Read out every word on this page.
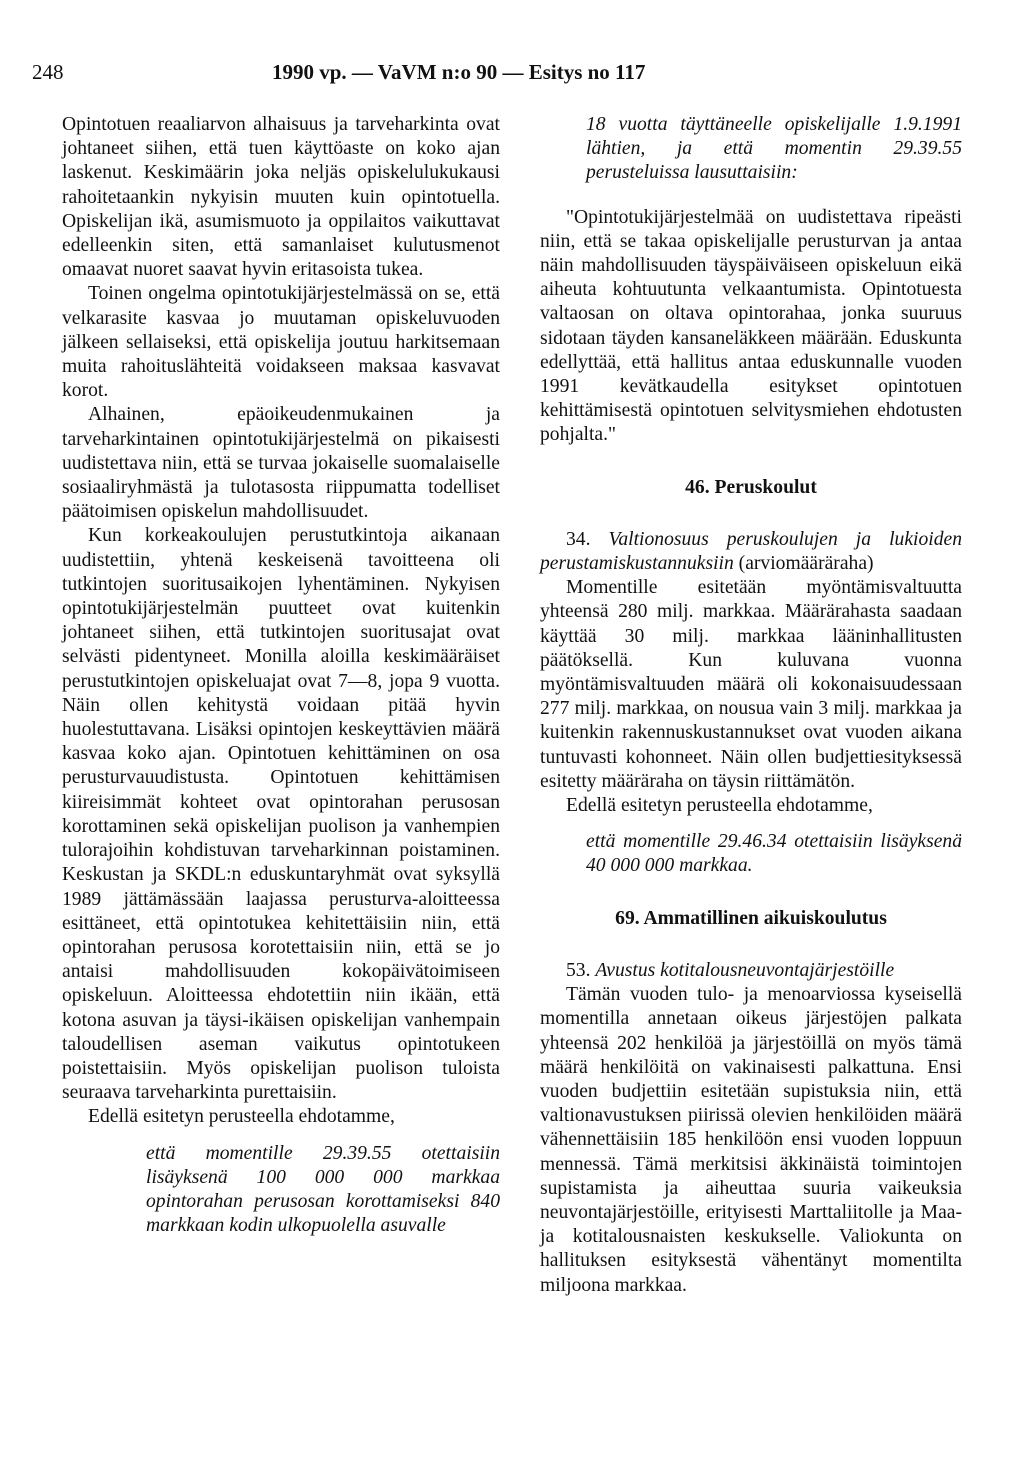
248	1990 vp. — VaVM n:o 90 — Esitys no 117

Opintotuen reaaliarvon alhaisuus ja tarveharkinta ovat johtaneet siihen, että tuen käyttöaste on koko ajan laskenut. Keskimäärin joka neljäs opiskelulukukausi rahoitetaankin nykyisin muuten kuin opintotuella. Opiskelijan ikä, asumismuoto ja oppilaitos vaikuttavat edelleenkin siten, että samanlaiset kulutusmenot omaavat nuoret saavat hyvin eritasoista tukea.

Toinen ongelma opintotukijärjestelmässä on se, että velkarasite kasvaa jo muutaman opiskeluvuoden jälkeen sellaiseksi, että opiskelija joutuu harkitsemaan muita rahoituslähteitä voidakseen maksaa kasvavat korot.

Alhainen, epäoikeudenmukainen ja tarveharkintainen opintotukijärjestelmä on pikaisesti uudistettava niin, että se turvaa jokaiselle suomalaiselle sosiaaliryhmästä ja tulotasosta riippumatta todelliset päätoimisen opiskelun mahdollisuudet.

Kun korkeakoulujen perustutkintoja aikanaan uudistettiin, yhtenä keskeisenä tavoitteena oli tutkintojen suoritusaikojen lyhentäminen. Nykyisen opintotukijärjestelmän puutteet ovat kuitenkin johtaneet siihen, että tutkintojen suoritusajat ovat selvästi pidentyneet. Monilla aloilla keskimääräiset perustutkintojen opiskeluajat ovat 7—8, jopa 9 vuotta. Näin ollen kehitystä voidaan pitää hyvin huolestuttavana. Lisäksi opintojen keskeyttävien määrä kasvaa koko ajan. Opintotuen kehittäminen on osa perusturvauudistusta. Opintotuen kehittämisen kiireisimmät kohteet ovat opintorahan perusosan korottaminen sekä opiskelijan puolison ja vanhempien tulorajoihin kohdistuvan tarveharkinnan poistaminen. Keskustan ja SKDL:n eduskuntaryhmät ovat syksyllä 1989 jättämässään laajassa perusturva-aloitteessa esittäneet, että opintotukea kehitettäisiin niin, että opintorahan perusosa korotettaisiin niin, että se jo antaisi mahdollisuuden kokopäivätoimiseen opiskeluun. Aloitteessa ehdotettiin niin ikään, että kotona asuvan ja täysi-ikäisen opiskelijan vanhempain taloudellisen aseman vaikutus opintotukeen poistettaisiin. Myös opiskelijan puolison tuloista seuraava tarveharkinta purettaisiin.

Edellä esitetyn perusteella ehdotamme,

että momentille 29.39.55 otettaisiin lisäyksenä 100 000 000 markkaa opintorahan perusosan korottamiseksi 840 markkaan kodin ulkopuolella asuvalle

18 vuotta täyttäneelle opiskelijalle 1.9.1991 lähtien, ja että momentin 29.39.55 perusteluissa lausuttaisiin:

"Opintotukijärjestelmää on uudistettava ripeästi niin, että se takaa opiskelijalle perusturvan ja antaa näin mahdollisuuden täyspäiväiseen opiskeluun eikä aiheuta kohtuutunta velkaantumista. Opintotuesta valtaosan on oltava opintorahaa, jonka suuruus sidotaan täyden kansaneläkkeen määrään. Eduskunta edellyttää, että hallitus antaa eduskunnalle vuoden 1991 kevätkaudella esitykset opintotuen kehittämisestä opintotuen selvitysmiehen ehdotusten pohjalta."

46. Peruskoulut

34. Valtionosuus peruskoulujen ja lukioiden perustamiskustannuksiin (arviomääräraha)

Momentille esitetään myöntämisvaltuutta yhteensä 280 milj. markkaa. Määrärahasta saadaan käyttää 30 milj. markkaa lääninhallitusten päätöksellä. Kun kuluvana vuonna myöntämisvaltuuden määrä oli kokonaisuudessaan 277 milj. markkaa, on nousua vain 3 milj. markkaa ja kuitenkin rakennuskustannukset ovat vuoden aikana tuntuvasti kohonneet. Näin ollen budjettiesityksessä esitetty määräraha on täysin riittämätön.

Edellä esitetyn perusteella ehdotamme,

että momentille 29.46.34 otettaisiin lisäyksenä 40 000 000 markkaa.

69. Ammatillinen aikuiskoulutus

53. Avustus kotitalousneuvontajärjestöille

Tämän vuoden tulo- ja menoarviossa kyseisellä momentilla annetaan oikeus järjestöjen palkata yhteensä 202 henkilöä ja järjestöillä on myös tämä määrä henkilöitä on vakinaisesti palkattuna. Ensi vuoden budjettiin esitetään supistuksia niin, että valtionavustuksen piirissä olevien henkilöiden määrä vähennettäisiin 185 henkilöön ensi vuoden loppuun mennessä. Tämä merkitsisi äkkinäistä toimintojen supistamista ja aiheuttaa suuria vaikeuksia neuvontajärjestöille, erityisesti Marttaliitolle ja Maa- ja kotitalousnaisten keskukselle. Valiokunta on hallituksen esityksestä vähentänyt momentilta miljoona markkaa.
